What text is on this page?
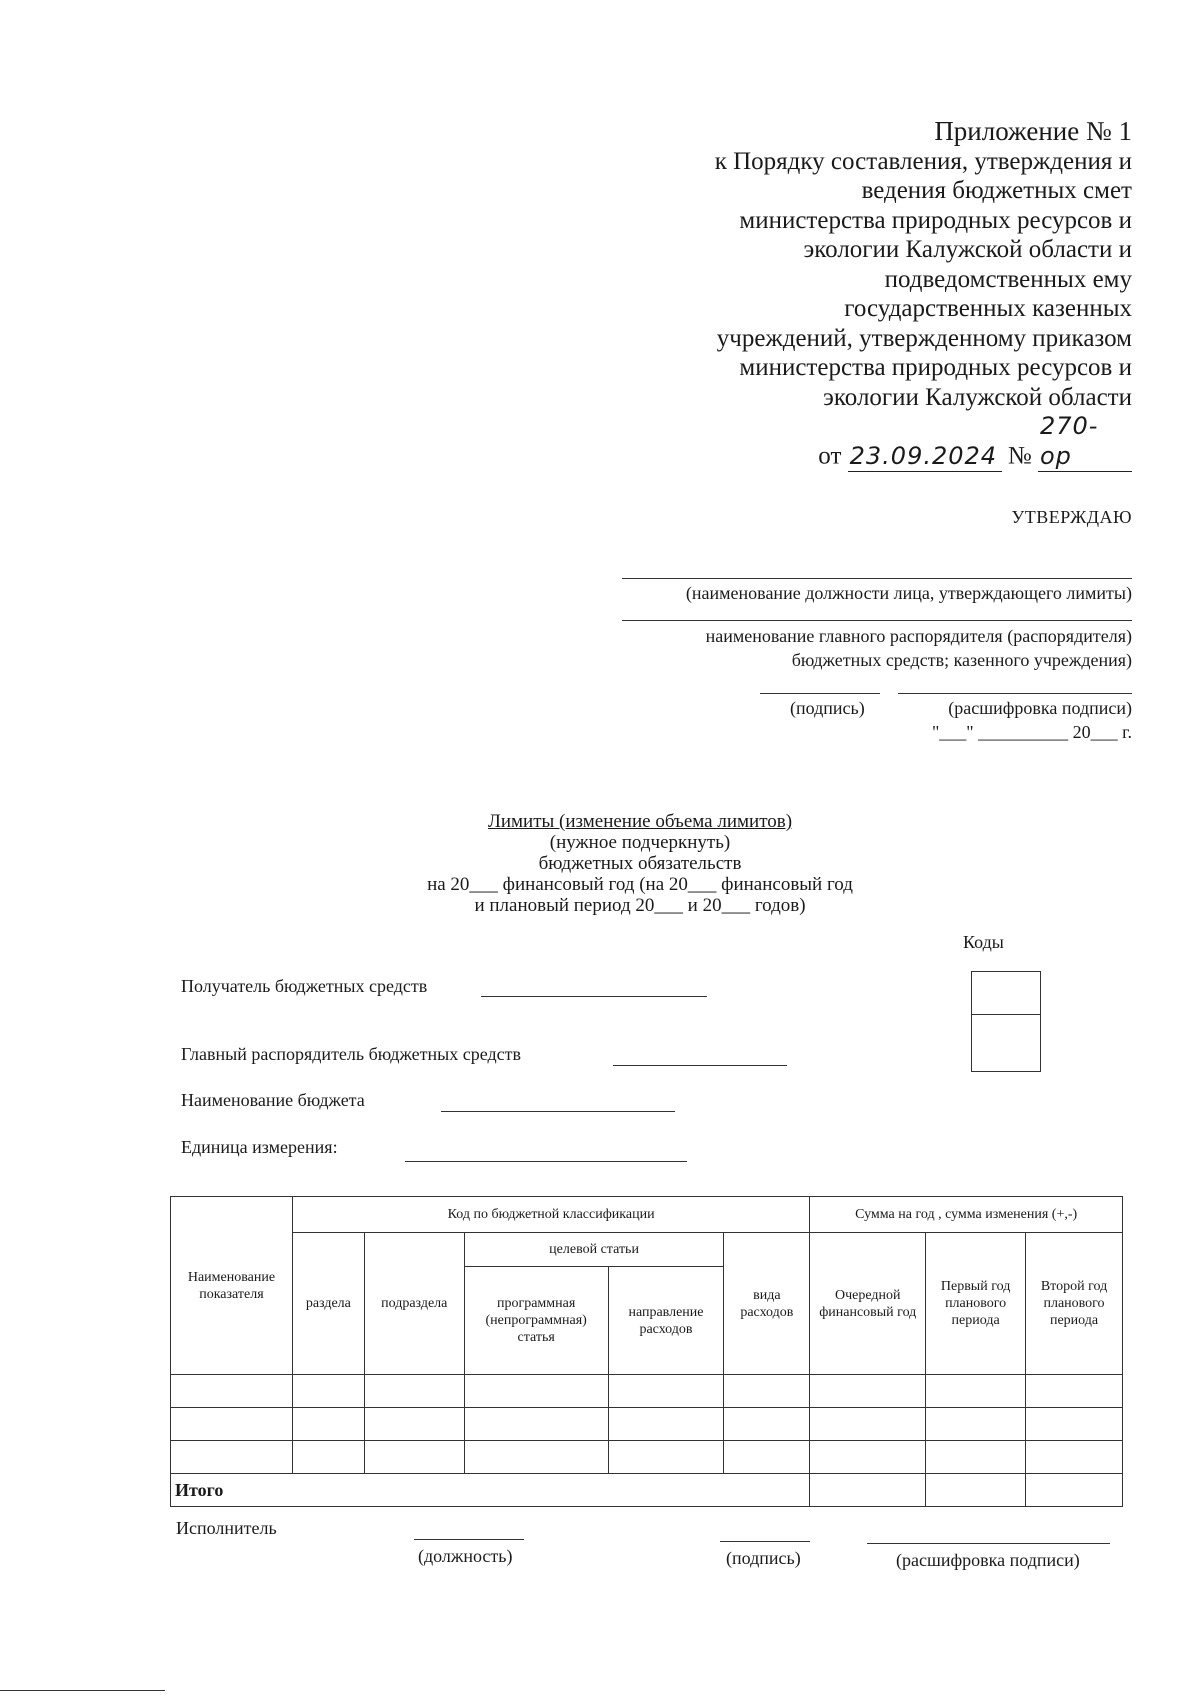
Приложение № 1
к Порядку составления, утверждения и
ведения бюджетных смет
министерства природных ресурсов и
экологии Калужской области и
подведомственных ему
государственных казенных
учреждений, утвержденному приказом
министерства природных ресурсов и
экологии Калужской области
от 23.09.2024 № 270-ор
УТВЕРЖДАЮ
(наименование должности лица, утверждающего лимиты)
наименование главного распорядителя (распорядителя)
бюджетных средств; казенного учреждения)
(подпись)	(расшифровка подписи)
"___" __________ 20___ г.
Лимиты (изменение объема лимитов)
(нужное подчеркнуть)
бюджетных обязательств
на 20___ финансовый год (на 20___ финансовый год
и плановый период 20___ и 20___ годов)
Коды
Получатель бюджетных средств
Главный распорядитель бюджетных средств
Наименование бюджета
Единица измерения:
Наименование показателя	Код по бюджетной классификации					Сумма на год , сумма изменения (+,-)		
	раздела	подраздела	целевой статьи		вида расходов	Очередной финансовый год	Первый год планового периода	Второй год планового периода
			программная (непрограммная) статья	направление расходов				

Итого								
Исполнитель
(должность)	(подпись)	(расшифровка подписи)
